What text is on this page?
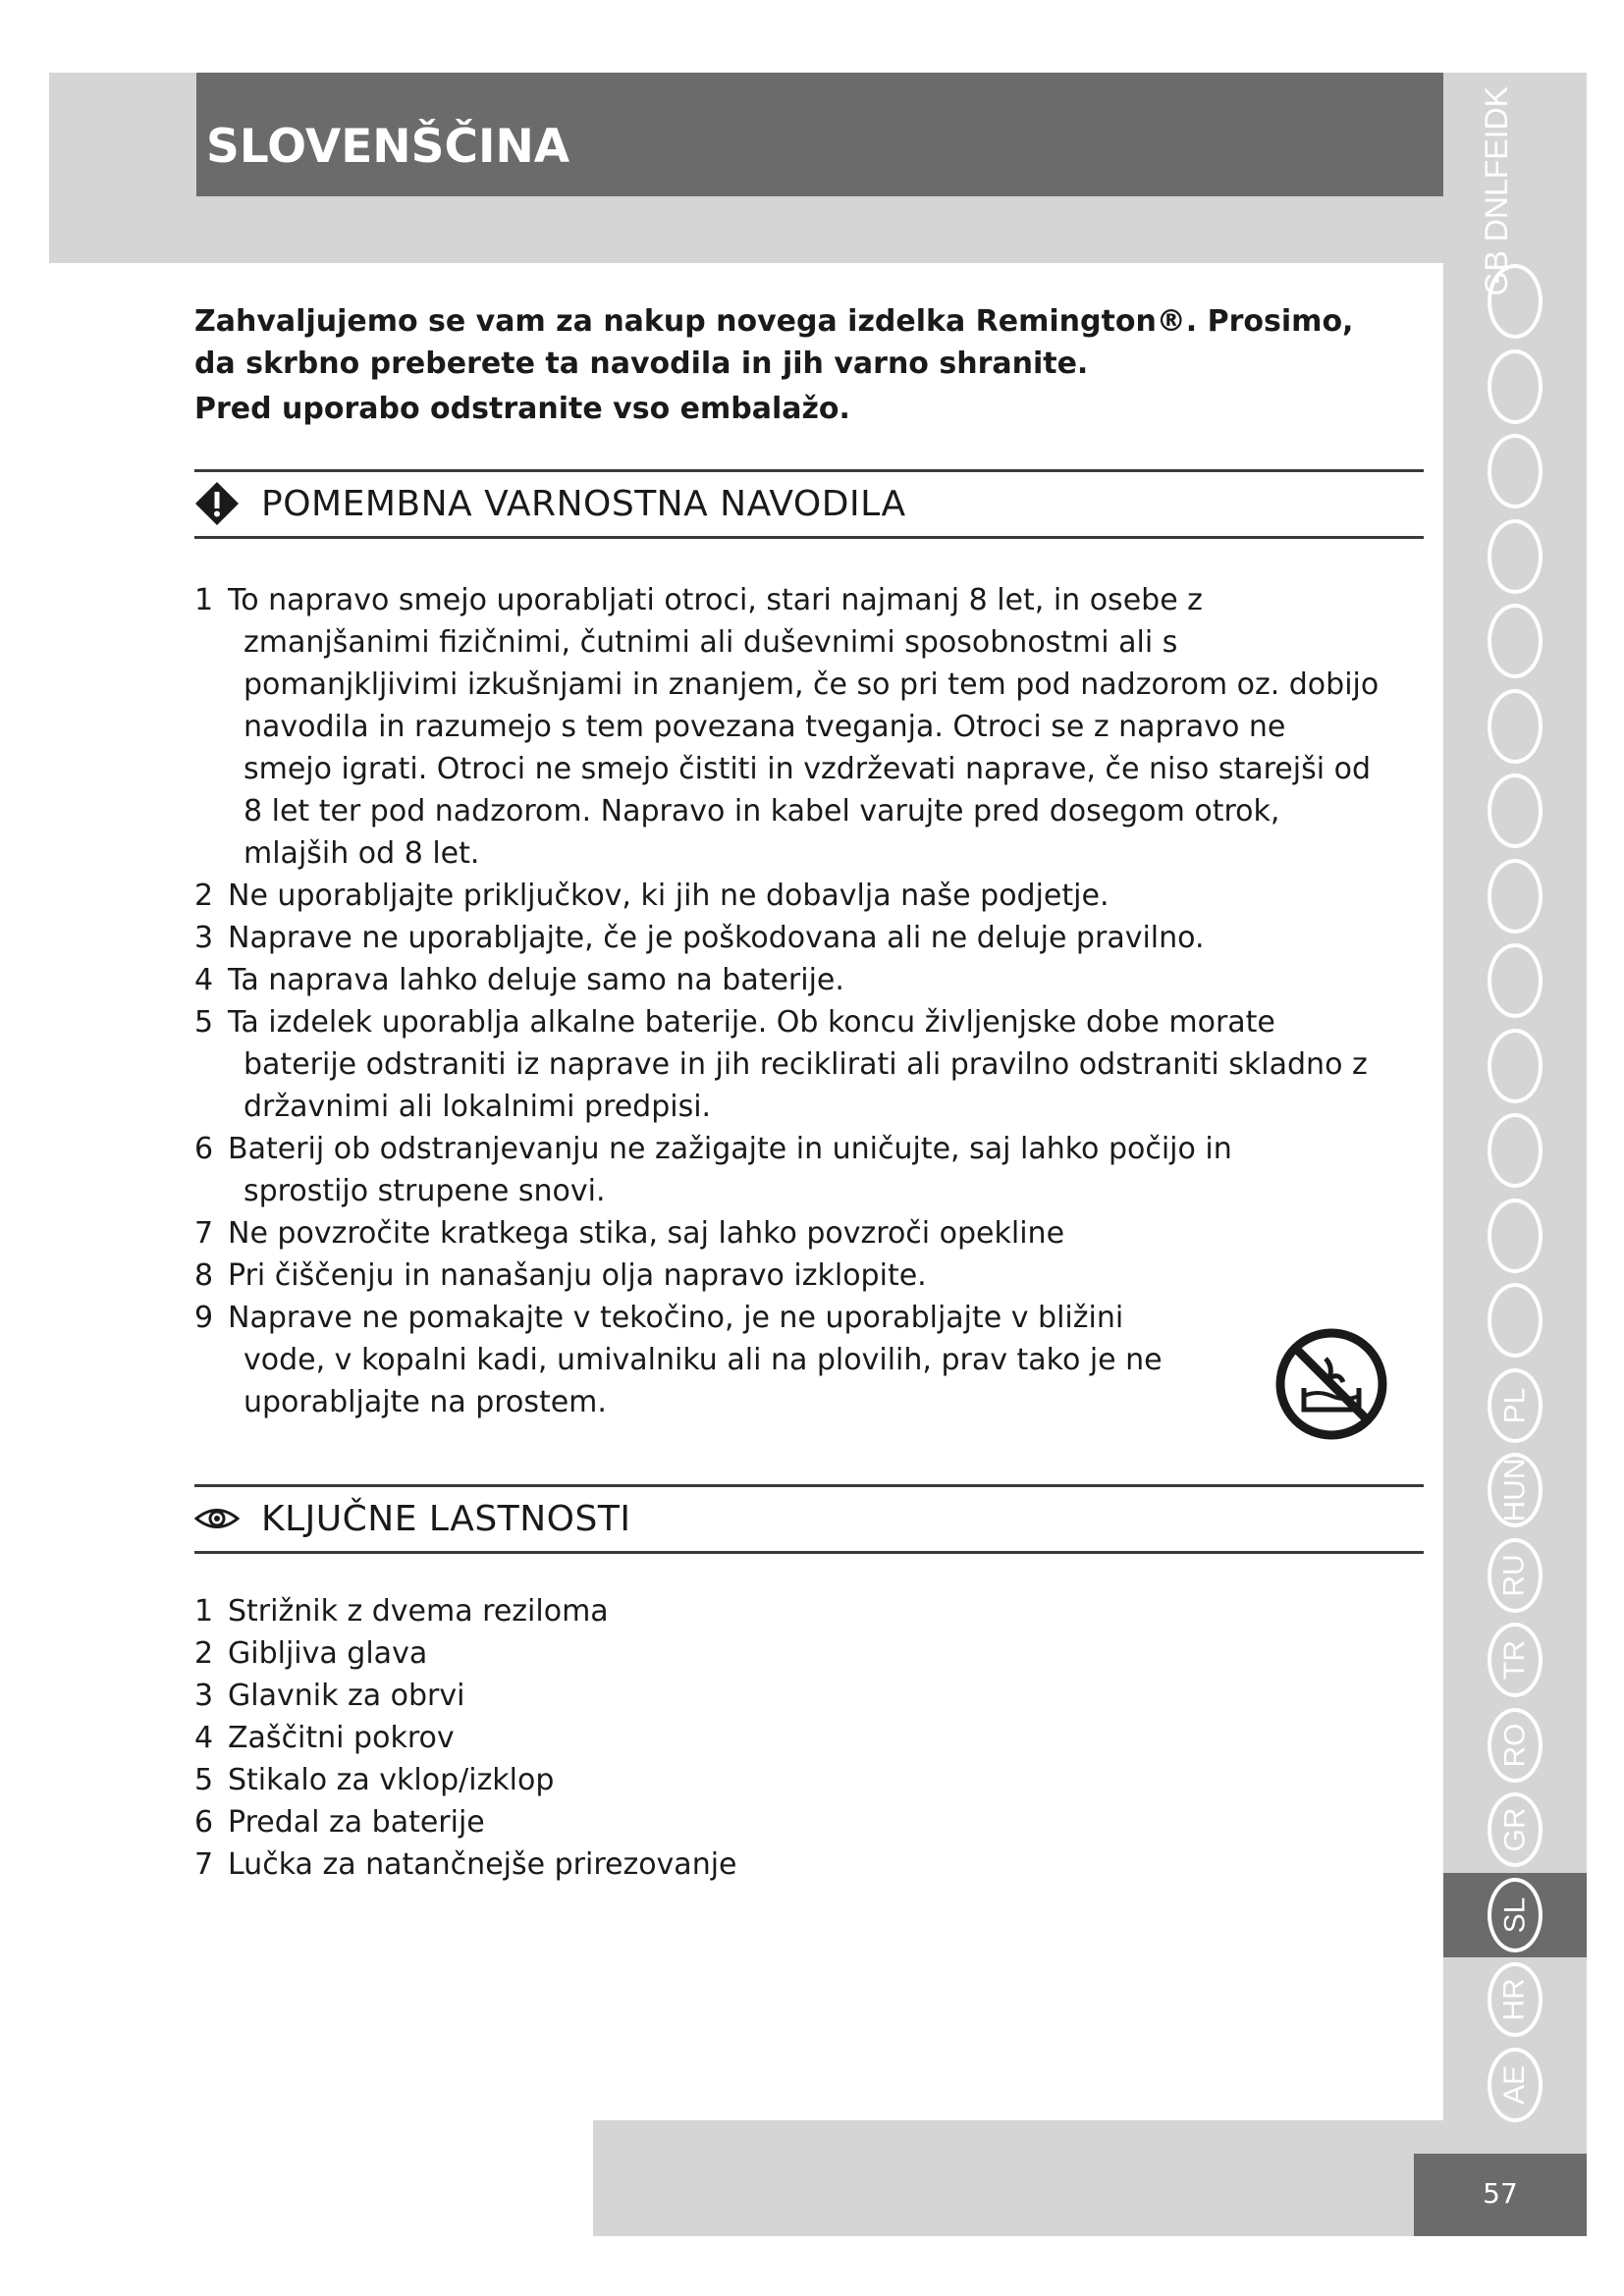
SLOVENŠČINA

Zahvaljujemo se vam za nakup novega izdelka Remington®. Prosimo, da skrbno preberete ta navodila in jih varno shranite.

Pred uporabo odstranite vso embalažo.

POMEMBNA VARNOSTNA NAVODILA
1 To napravo smejo uporabljati otroci, stari najmanj 8 let, in osebe z
zmanjšanimi fizičnimi, čutnimi ali duševnimi sposobnostmi ali s pomanjkljivimi izkušnjami in znanjem, če so pri tem pod nadzorom oz. dobijo navodila in razumejo s tem povezana tveganja. Otroci se z napravo ne smejo igrati. Otroci ne smejo čistiti in vzdrževati naprave, če niso starejši od 8 let ter pod nadzorom. Napravo in kabel varujte pred dosegom otrok, mlajših od 8 let.
2 Ne uporabljajte priključkov, ki jih ne dobavlja naše podjetje.
3 Naprave ne uporabljajte, če je poškodovana ali ne deluje pravilno.
4 Ta naprava lahko deluje samo na baterije.
5 Ta izdelek uporablja alkalne baterije. Ob koncu življenjske dobe morate
baterije odstraniti iz naprave in jih reciklirati ali pravilno odstraniti skladno z državnimi ali lokalnimi predpisi.
6 Baterij ob odstranjevanju ne zažigajte in uničujte, saj lahko počijo in
sprostijo strupene snovi.
7 Ne povzročite kratkega stika, saj lahko povzroči opekline
8 Pri čiščenju in nanašanju olja napravo izklopite.
9 Naprave ne pomakajte v tekočino, je ne uporabljajte v bližini
vode, v kopalni kadi, umivalniku ali na plovilih, prav tako je ne uporabljajte na prostem.
KLJUČNE LASTNOSTI
1 Strižnik z dvema reziloma
2 Gibljiva glava
3 Glavnik za obrvi
4 Zaščitni pokrov
5 Stikalo za vklop/izklop
6 Predal za baterije
7 Lučka za natančnejše prirezovanje
GB DNLFEIDK
PL
HUN
RU
TR
RO
GR
SL
HR
AE
57
